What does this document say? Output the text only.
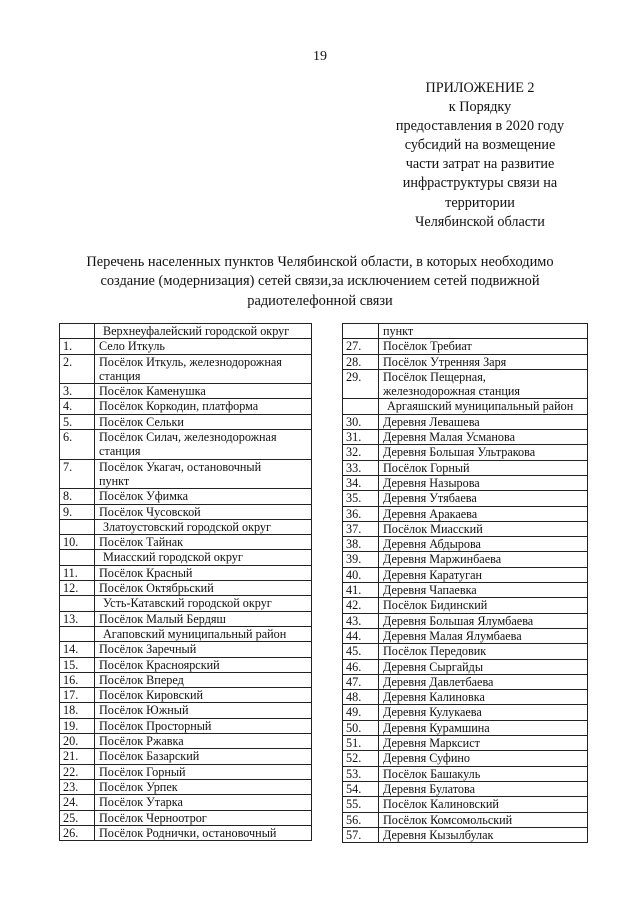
19
ПРИЛОЖЕНИЕ 2
к Порядку
предоставления в 2020 году
субсидий на возмещение
части затрат на развитие
инфраструктуры связи на
территории
Челябинской области
Перечень населенных пунктов Челябинской области, в которых необходимо
создание (модернизация) сетей связи,за исключением сетей подвижной
радиотелефонной связи
	Верхнеуфалейский городской округ
1.	Село Иткуль
2.	Посёлок Иткуль, железнодорожная
станция
3.	Посёлок Каменушка
4.	Посёлок Коркодин, платформа
5.	Посёлок Сельки
6.	Посёлок Силач, железнодорожная
станция
7.	Посёлок Укагач, остановочный
пункт
8.	Посёлок Уфимка
9.	Посёлок Чусовской
	Златоустовский городской округ
10.	Посёлок Тайнак
	Миасский городской округ
11.	Посёлок Красный
12.	Посёлок Октябрьский
	Усть-Катавский городской округ
13.	Посёлок Малый Бердяш
	Агаповский муниципальный район
14.	Посёлок Заречный
15.	Посёлок Красноярский
16.	Посёлок Вперед
17.	Посёлок Кировский
18.	Посёлок Южный
19.	Посёлок Просторный
20.	Посёлок Ржавка
21.	Посёлок Базарский
22.	Посёлок Горный
23.	Посёлок Урпек
24.	Посёлок Утарка
25.	Посёлок Черноотрог
26.	Посёлок Роднички, остановочный
	пункт
27.	Посёлок Требиат
28.	Посёлок Утренняя Заря
29.	Посёлок Пещерная,
железнодорожная станция
	Аргаяшский муниципальный район
30.	Деревня Левашева
31.	Деревня Малая Усманова
32.	Деревня Большая Ультракова
33.	Посёлок Горный
34.	Деревня Назырова
35.	Деревня Утябаева
36.	Деревня Аракаева
37.	Посёлок Миасский
38.	Деревня Абдырова
39.	Деревня Маржинбаева
40.	Деревня Каратуган
41.	Деревня Чапаевка
42.	Посёлок Бидинский
43.	Деревня Большая Ялумбаева
44.	Деревня Малая Ялумбаева
45.	Посёлок Передовик
46.	Деревня Сыргайды
47.	Деревня Давлетбаева
48.	Деревня Калиновка
49.	Деревня Кулукаева
50.	Деревня Курамшина
51.	Деревня Марксист
52.	Деревня Суфино
53.	Посёлок Башакуль
54.	Деревня Булатова
55.	Посёлок Калиновский
56.	Посёлок Комсомольский
57.	Деревня Кызылбулак
